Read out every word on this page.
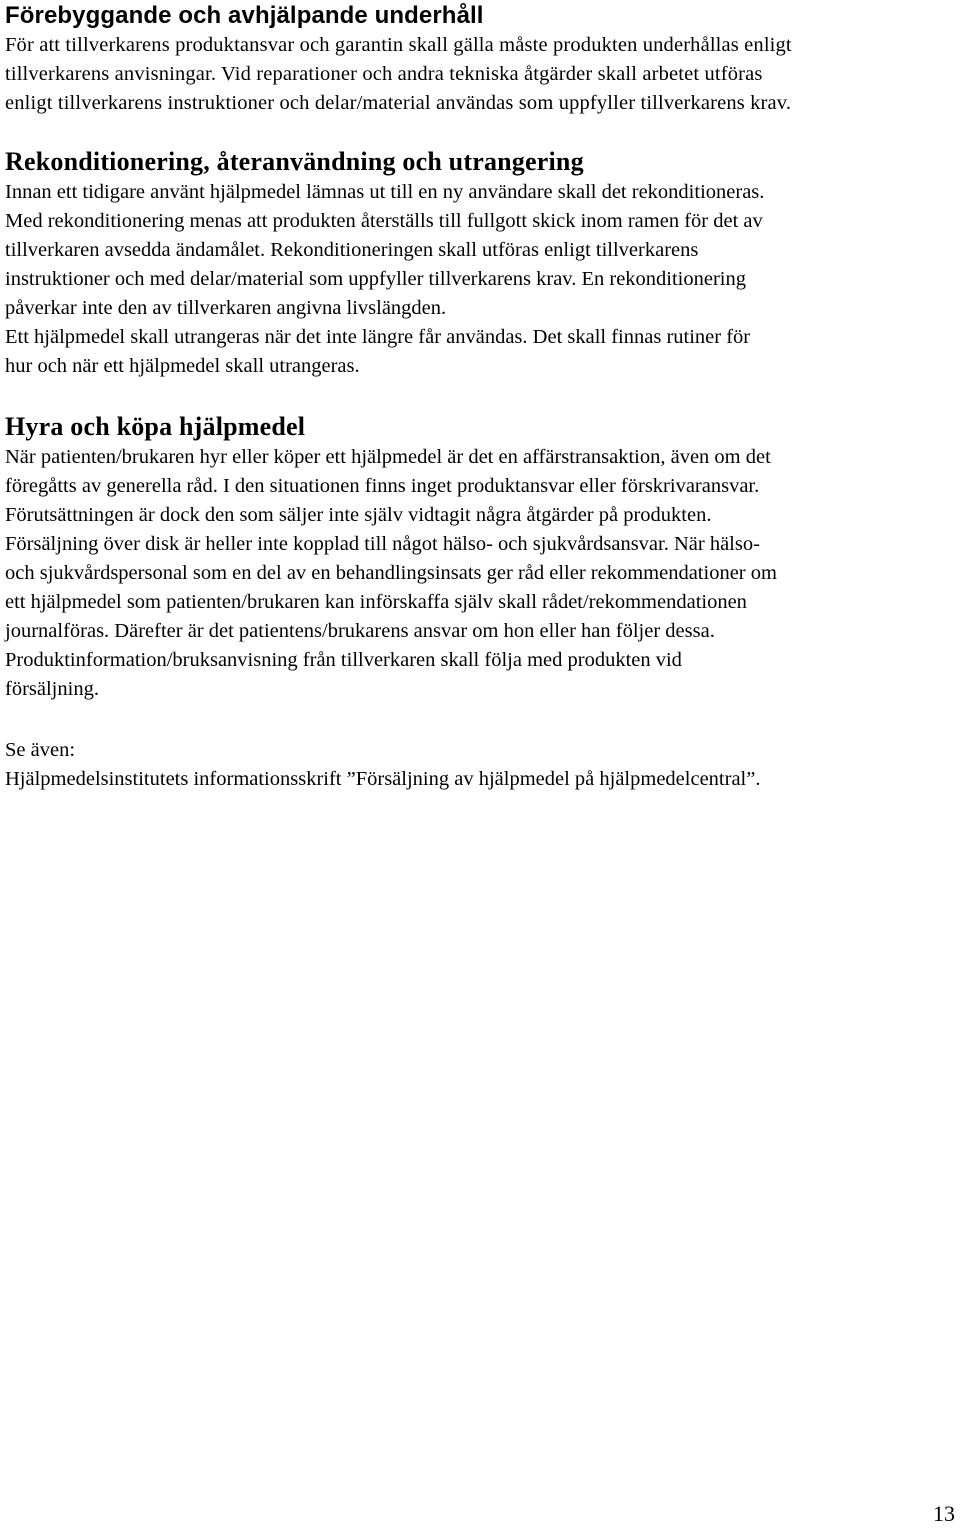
Förebyggande och avhjälpande underhåll

För att tillverkarens produktansvar och garantin skall gälla måste produkten underhållas enligt
tillverkarens anvisningar. Vid reparationer och andra tekniska åtgärder skall arbetet utföras
enligt tillverkarens instruktioner och delar/material användas som uppfyller tillverkarens krav.

Rekonditionering, återanvändning och utrangering

Innan ett tidigare använt hjälpmedel lämnas ut till en ny användare skall det rekonditioneras.
Med rekonditionering menas att produkten återställs till fullgott skick inom ramen för det av
tillverkaren avsedda ändamålet. Rekonditioneringen skall utföras enligt tillverkarens
instruktioner och med delar/material som uppfyller tillverkarens krav. En rekonditionering
påverkar inte den av tillverkaren angivna livslängden.
Ett hjälpmedel skall utrangeras när det inte längre får användas. Det skall finnas rutiner för
hur och när ett hjälpmedel skall utrangeras.

Hyra och köpa hjälpmedel

När patienten/brukaren hyr eller köper ett hjälpmedel är det en affärstransaktion, även om det
föregåtts av generella råd. I den situationen finns inget produktansvar eller förskrivaransvar.
Förutsättningen är dock den som säljer inte själv vidtagit några åtgärder på produkten.
Försäljning över disk är heller inte kopplad till något hälso- och sjukvårdsansvar. När hälso-
och sjukvårdspersonal som en del av en behandlingsinsats ger råd eller rekommendationer om
ett hjälpmedel som patienten/brukaren kan införskaffa själv skall rådet/rekommendationen
journalföras. Därefter är det patientens/brukarens ansvar om hon eller han följer dessa.
Produktinformation/bruksanvisning från tillverkaren skall följa med produkten vid
försäljning.

Se även:
Hjälpmedelsinstitutets informationsskrift ”Försäljning av hjälpmedel på hjälpmedelcentral”.

13
